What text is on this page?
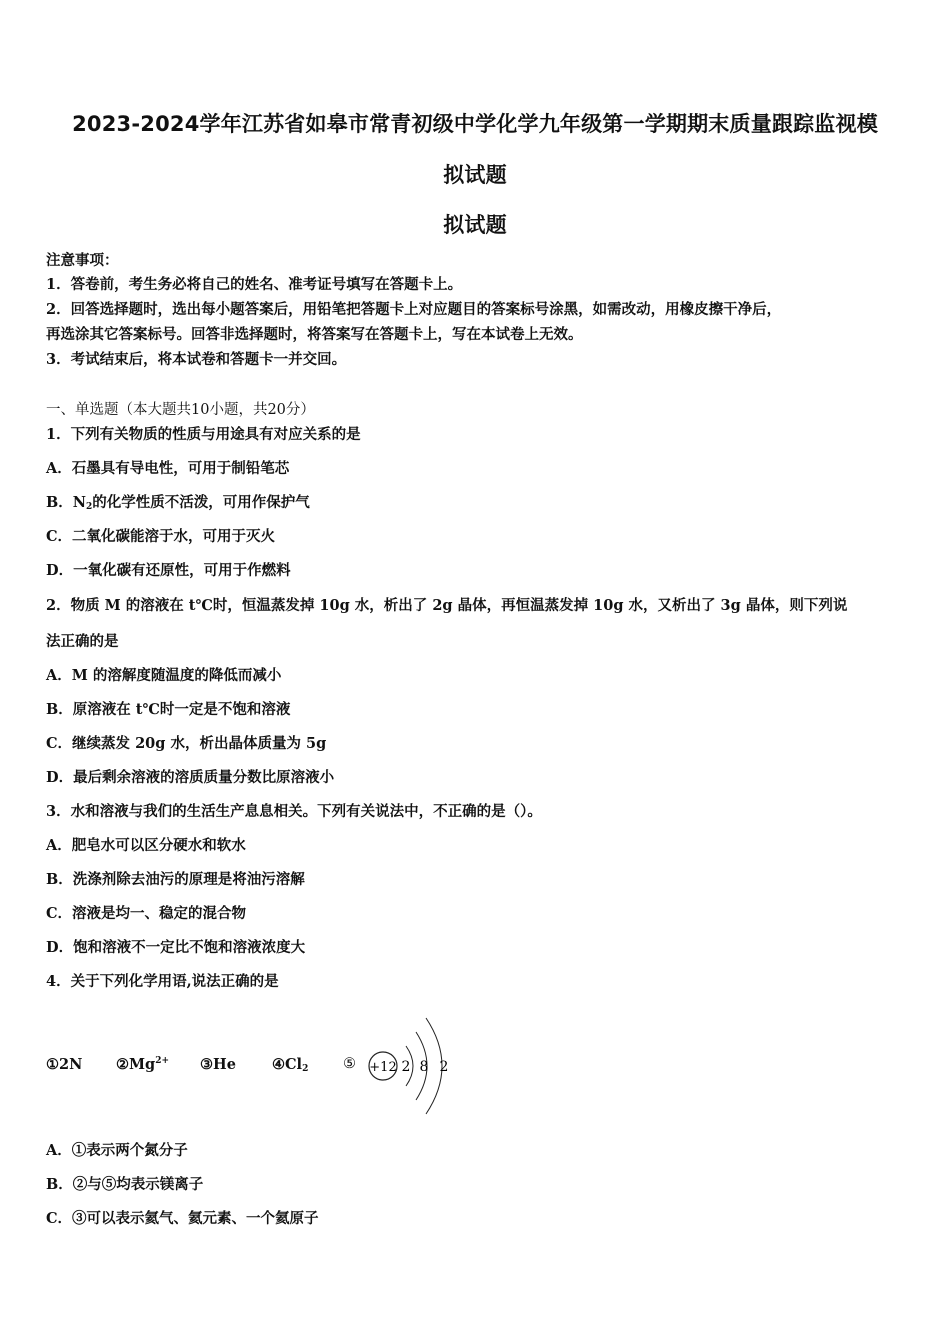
2023-2024学年江苏省如皋市常青初级中学化学九年级第一学期期末质量跟踪监视模
拟试题
拟试题
注意事项：
1．答卷前，考生务必将自己的姓名、准考证号填写在答题卡上。
2．回答选择题时，选出每小题答案后，用铅笔把答题卡上对应题目的答案标号涂黑，如需改动，用橡皮擦干净后，
再选涂其它答案标号。回答非选择题时，将答案写在答题卡上，写在本试卷上无效。
3．考试结束后，将本试卷和答题卡一并交回。
一、单选题（本大题共10小题，共20分）
1．下列有关物质的性质与用途具有对应关系的是
A．石墨具有导电性，可用于制铅笔芯
B．$N_2$的化学性质不活泼，可用作保护气
C．二氧化碳能溶于水，可用于灭火
D．一氧化碳有还原性，可用于作燃料
2．物质 M 的溶液在 t℃时，恒温蒸发掉 10g 水，析出了 2g 晶体，再恒温蒸发掉 10g 水，又析出了 3g 晶体，则下列说
法正确的是
A．M 的溶解度随温度的降低而减小
B．原溶液在 t℃时一定是不饱和溶液
C．继续蒸发 20g 水，析出晶体质量为 5g
D．最后剩余溶液的溶质质量分数比原溶液小
3．水和溶液与我们的生活生产息息相关。下列有关说法中，不正确的是（）。
A．肥皂水可以区分硬水和软水
B．洗涤剂除去油污的原理是将油污溶解
C．溶液是均一、稳定的混合物
D．饱和溶液不一定比不饱和溶液浓度大
4．关于下列化学用语,说法正确的是
①2N $②Mg^{2+}$ ③He $④Cl_2$ ⑤ +12 2 8 2
A．①表示两个氮分子
B．②与⑤均表示镁离子
C．③可以表示氦气、氦元素、一个氦原子
